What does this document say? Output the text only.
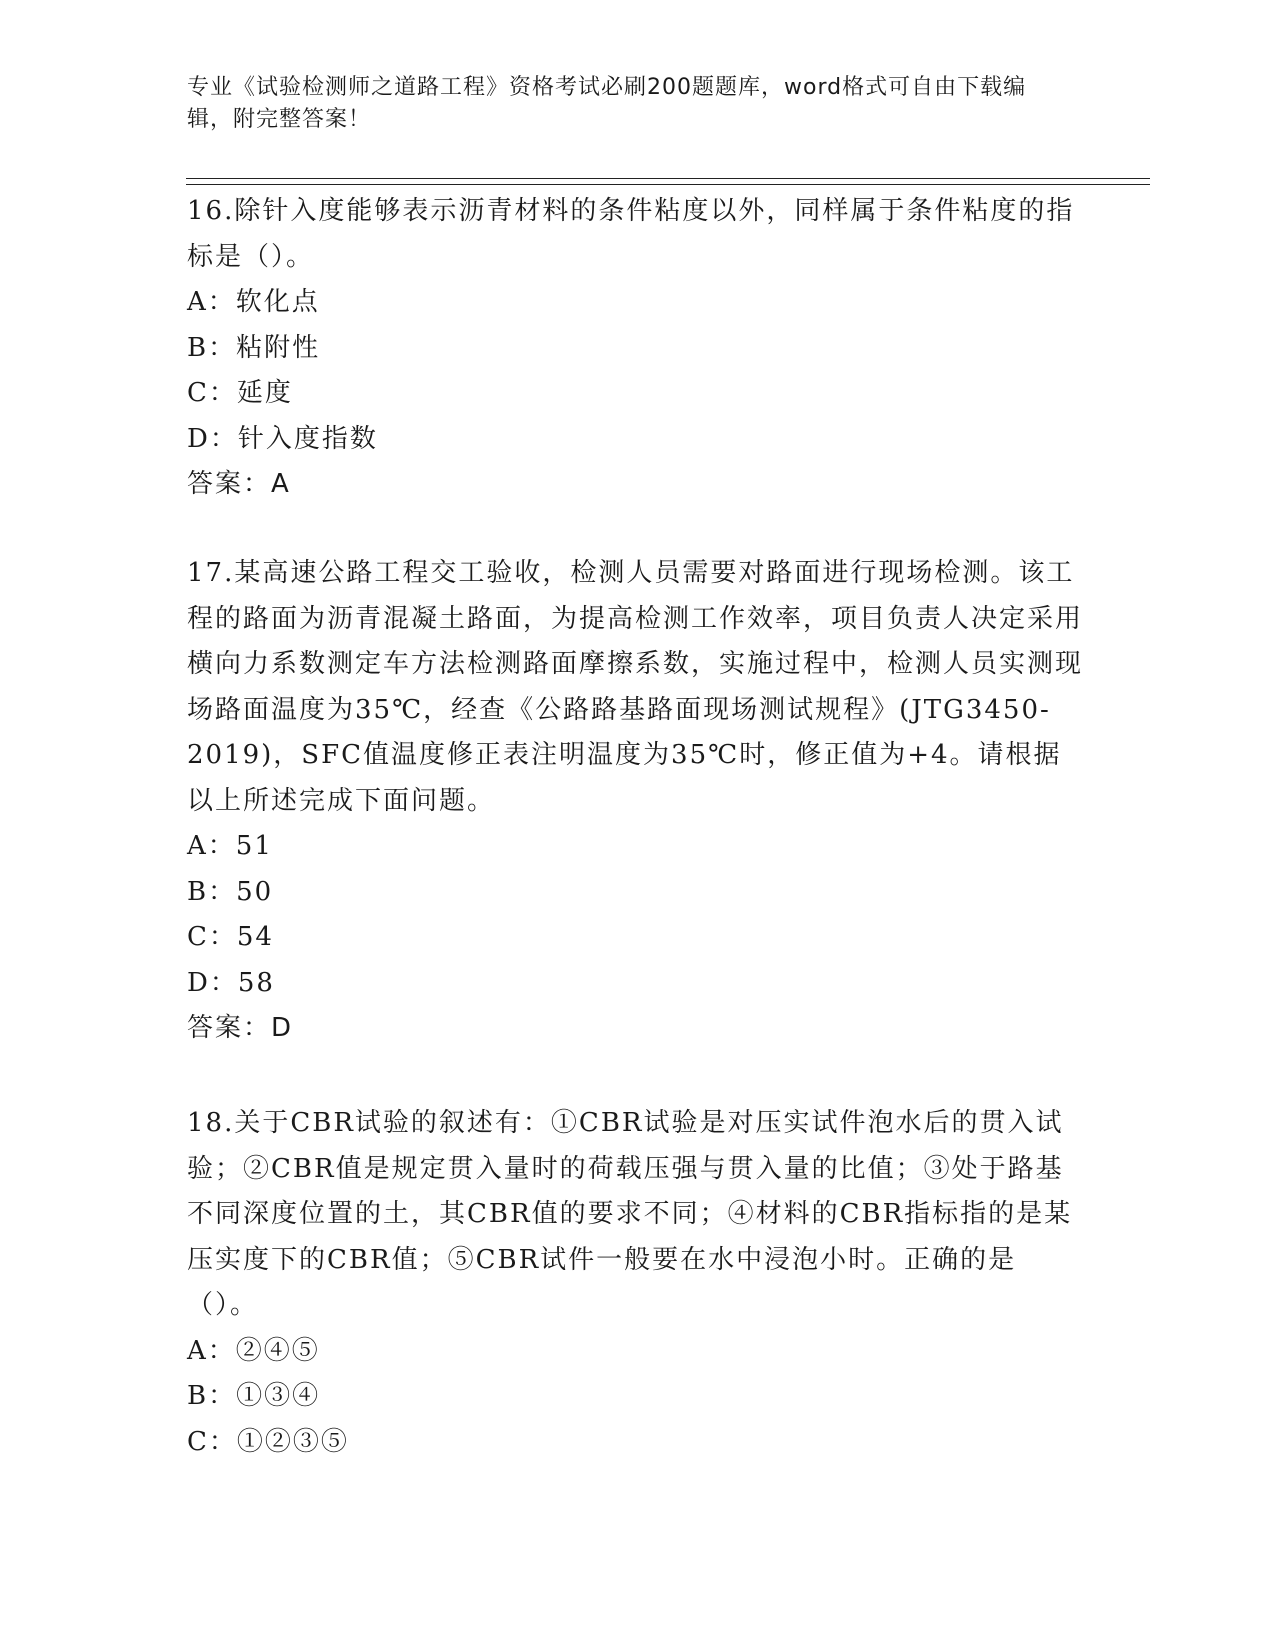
专业《试验检测师之道路工程》资格考试必刷200题题库，word格式可自由下载编辑，附完整答案！
16.除针入度能够表示沥青材料的条件粘度以外，同样属于条件粘度的指标是（）。
A：软化点
B：粘附性
C：延度
D：针入度指数
答案：A
17.某高速公路工程交工验收，检测人员需要对路面进行现场检测。该工程的路面为沥青混凝土路面，为提高检测工作效率，项目负责人决定采用横向力系数测定车方法检测路面摩擦系数，实施过程中，检测人员实测现场路面温度为35℃，经查《公路路基路面现场测试规程》(JTG3450-2019)，SFC值温度修正表注明温度为35℃时，修正值为+4。请根据以上所述完成下面问题。
A：51
B：50
C：54
D：58
答案：D
18.关于CBR试验的叙述有：①CBR试验是对压实试件泡水后的贯入试验；②CBR值是规定贯入量时的荷载压强与贯入量的比值；③处于路基不同深度位置的土，其CBR值的要求不同；④材料的CBR指标指的是某压实度下的CBR值；⑤CBR试件一般要在水中浸泡小时。正确的是（）。
A：②④⑤
B：①③④
C：①②③⑤
